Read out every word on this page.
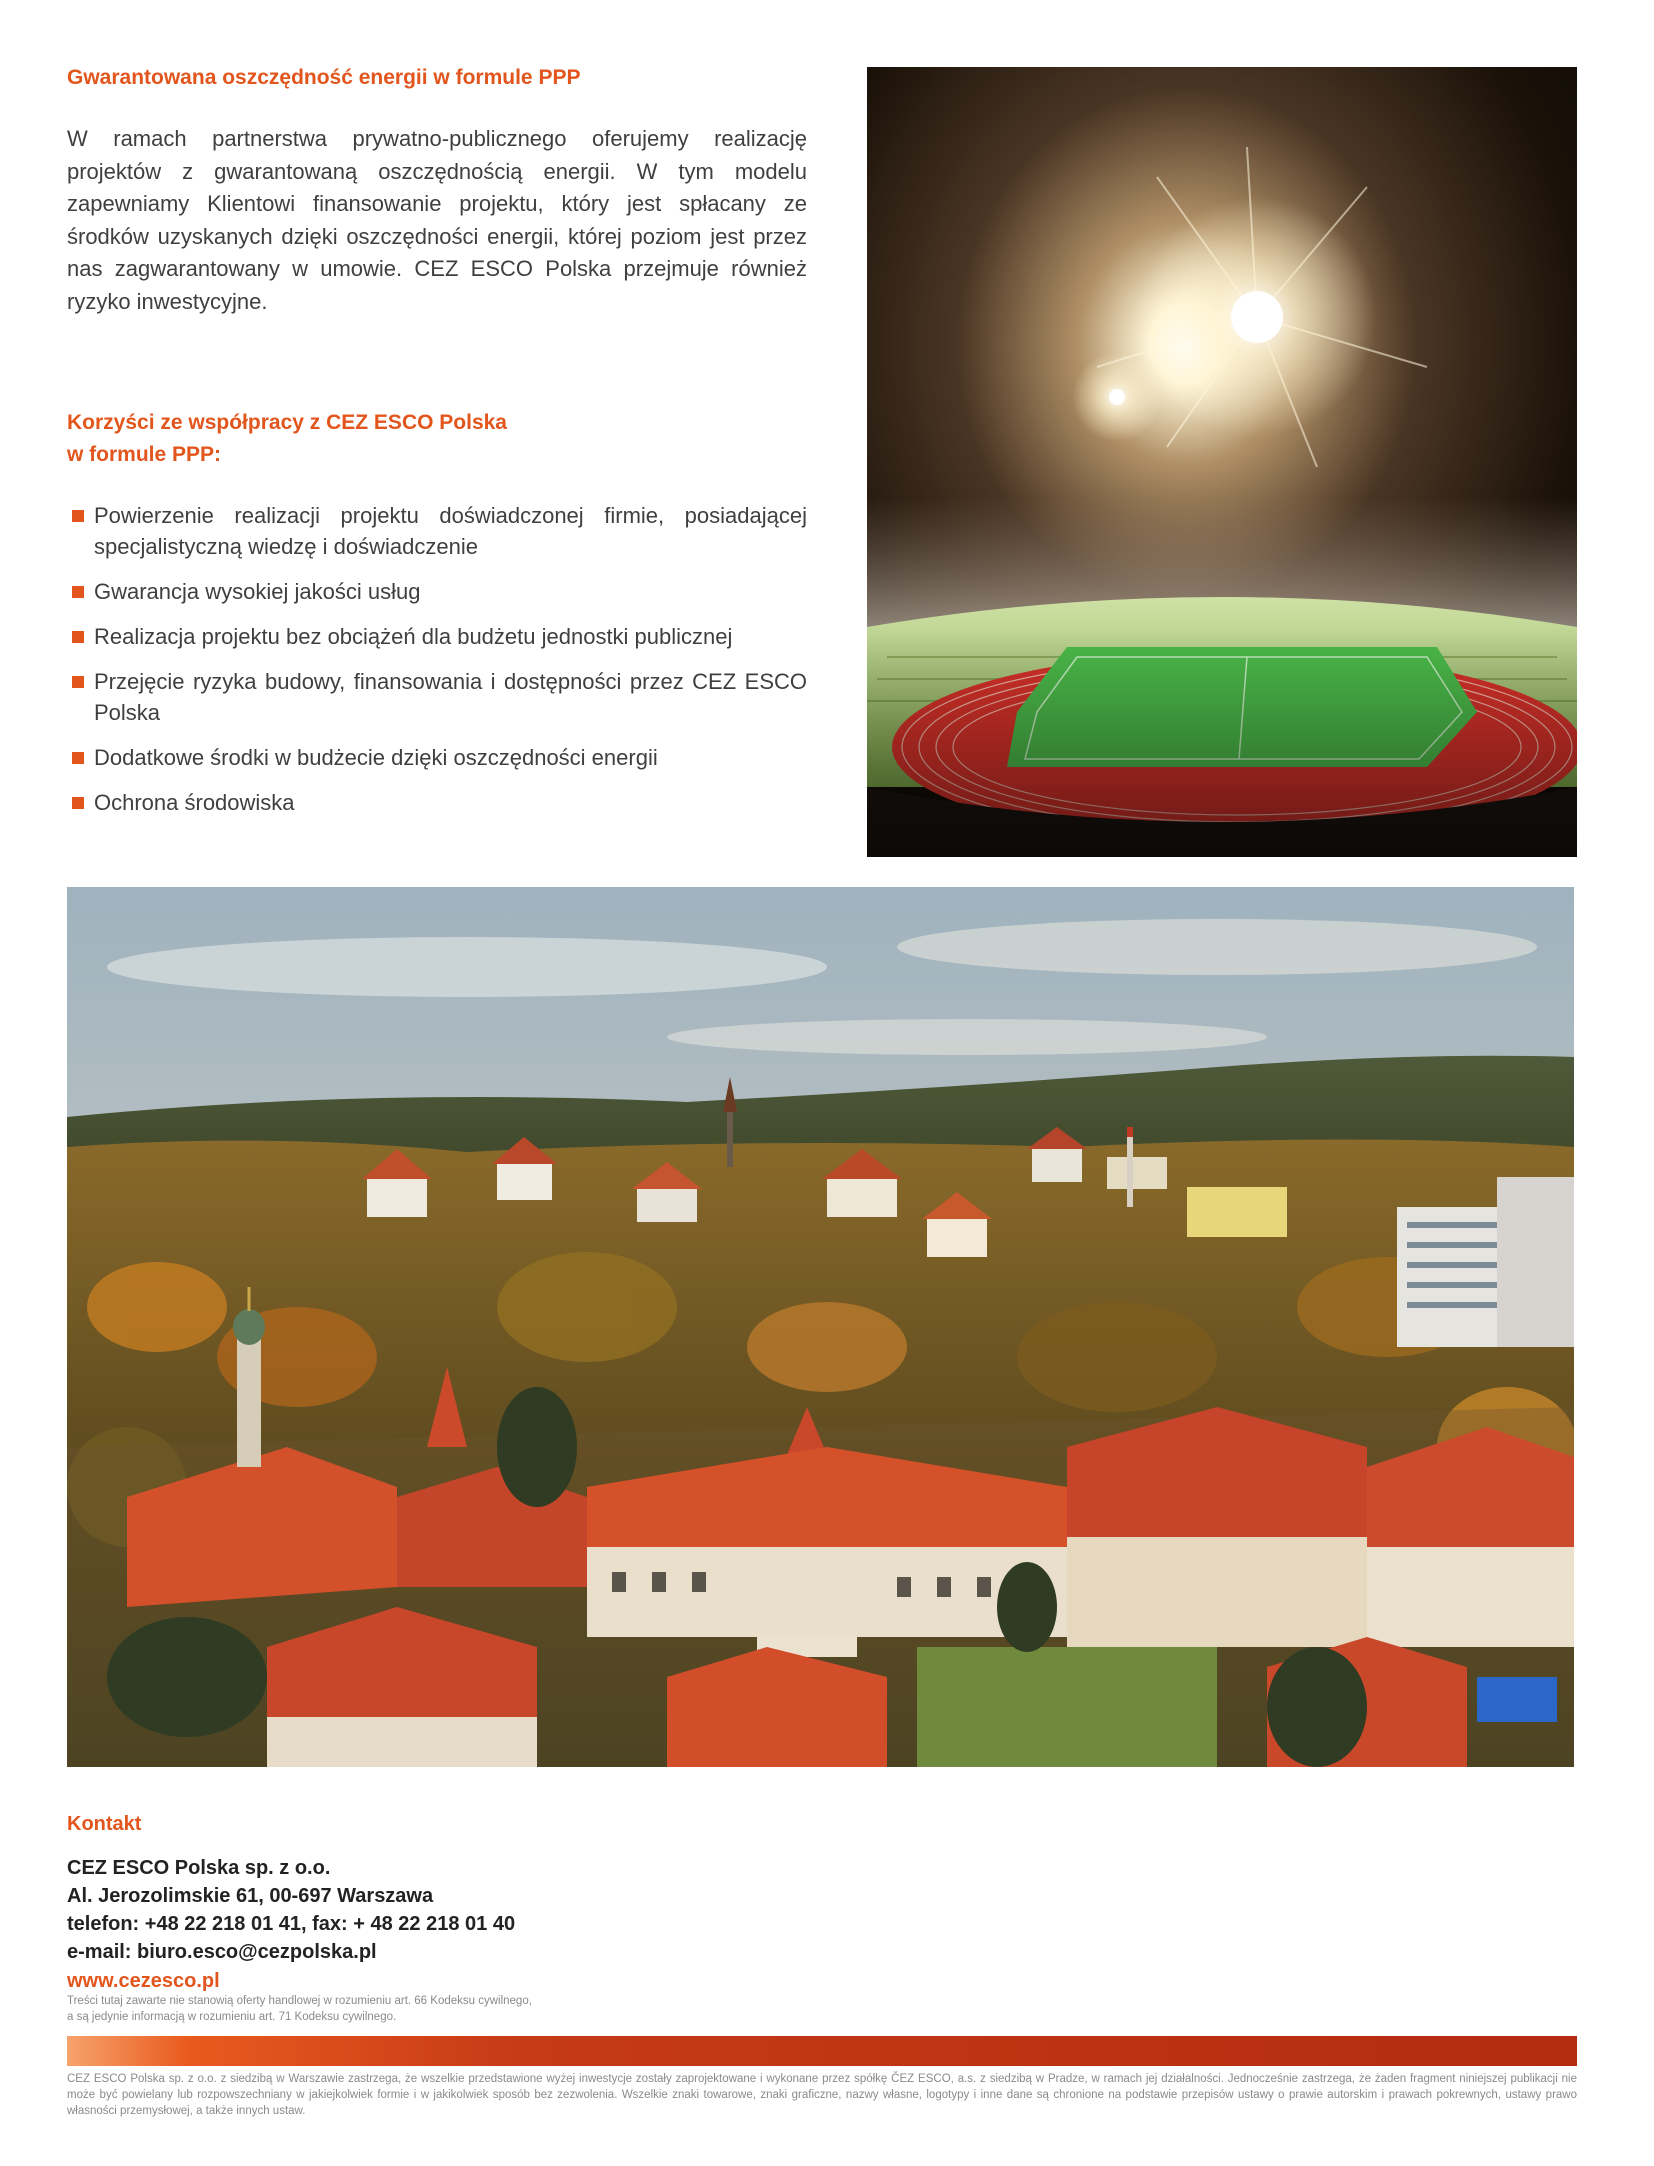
Gwarantowana oszczędność energii w formule PPP

W ramach partnerstwa prywatno-publicznego oferujemy realizację projektów z gwarantowaną oszczędnością energii. W tym modelu zapewniamy Klientowi finansowanie projektu, który jest spłacany ze środków uzyskanych dzięki oszczędności energii, której poziom jest przez nas zagwarantowany w umowie. CEZ ESCO Polska przejmuje również ryzyko inwestycyjne.

Korzyści ze współpracy z CEZ ESCO Polska
w formule PPP:
Powierzenie realizacji projektu doświadczonej firmie, posiadającej specjalistyczną wiedzę i doświadczenie
Gwarancja wysokiej jakości usług
Realizacja projektu bez obciążeń dla budżetu jednostki publicznej
Przejęcie ryzyka budowy, finansowania i dostępności przez CEZ ESCO Polska
Dodatkowe środki w budżecie dzięki oszczędności energii
Ochrona środowiska
Kontakt
CEZ ESCO Polska sp. z o.o.
Al. Jerozolimskie 61, 00-697 Warszawa
telefon: +48 22 218 01 41, fax: + 48 22 218 01 40
e-mail: biuro.esco@cezpolska.pl
www.cezesco.pl
Treści tutaj zawarte nie stanowią oferty handlowej w rozumieniu art. 66 Kodeksu cywilnego,
a są jedynie informacją w rozumieniu art. 71 Kodeksu cywilnego.
CEZ ESCO Polska sp. z o.o. z siedzibą w Warszawie zastrzega, że wszelkie przedstawione wyżej inwestycje zostały zaprojektowane i wykonane przez spółkę ČEZ ESCO, a.s. z siedzibą w Pradze, w ramach jej działalności. Jednocześnie zastrzega, że żaden fragment niniejszej publikacji nie może być powielany lub rozpowszechniany w jakiejkolwiek formie i w jakikolwiek sposób bez zezwolenia. Wszelkie znaki towarowe, znaki graficzne, nazwy własne, logotypy i inne dane są chronione na podstawie przepisów ustawy o prawie autorskim i prawach pokrewnych, ustawy prawo własności przemysłowej, a także innych ustaw.
